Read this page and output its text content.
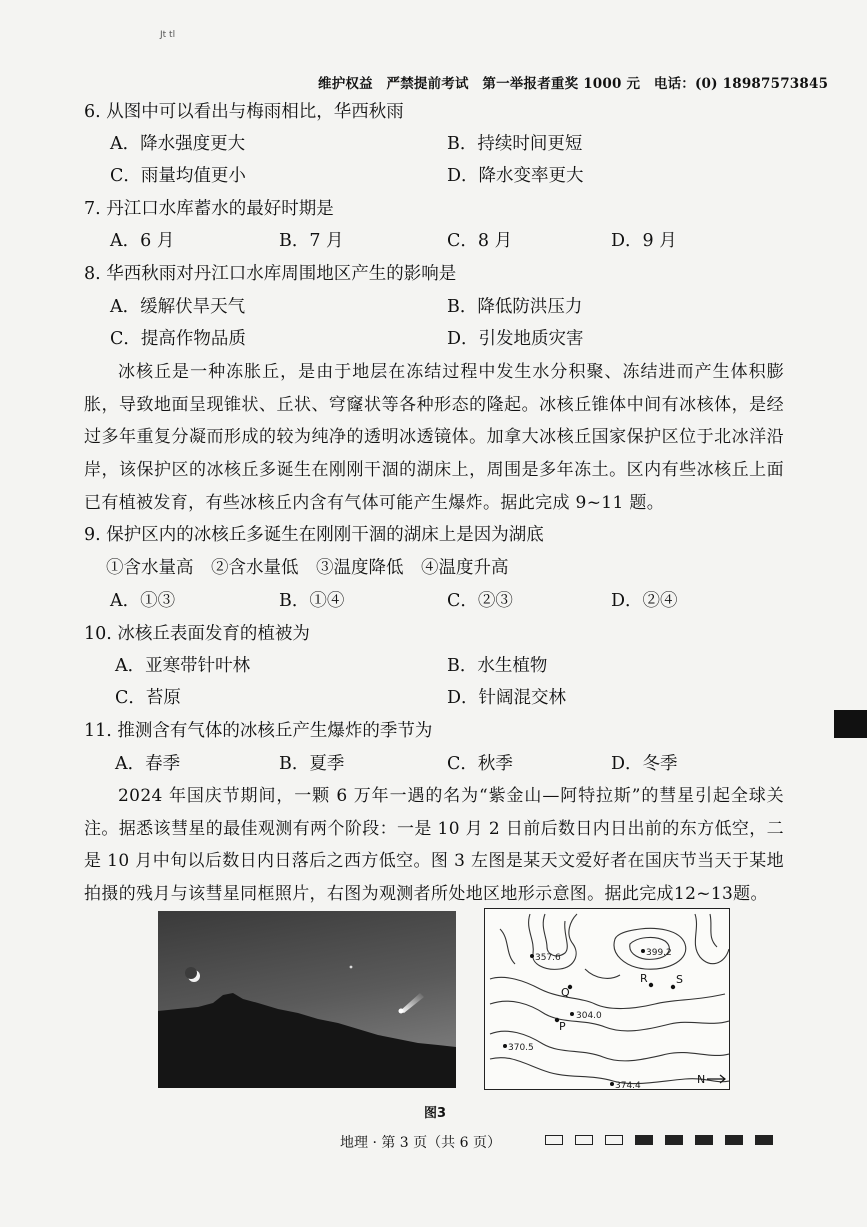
Jt tl
维护权益　严禁提前考试　第一举报者重奖 1000 元　电话：(0) 18987573845
6. 从图中可以看出与梅雨相比，华西秋雨
A．降水强度更大	B．持续时间更短
C．雨量均值更小	D．降水变率更大
7. 丹江口水库蓄水的最好时期是
A．6 月	B．7 月	C．8 月	D．9 月
8. 华西秋雨对丹江口水库周围地区产生的影响是
A．缓解伏旱天气	B．降低防洪压力
C．提高作物品质	D．引发地质灾害

冰核丘是一种冻胀丘，是由于地层在冻结过程中发生水分积聚、冻结进而产生体积膨胀，导致地面呈现锥状、丘状、穹窿状等各种形态的隆起。冰核丘锥体中间有冰核体，是经过多年重复分凝而形成的较为纯净的透明冰透镜体。加拿大冰核丘国家保护区位于北冰洋沿岸，该保护区的冰核丘多诞生在刚刚干涸的湖床上，周围是多年冻土。区内有些冰核丘上面已有植被发育，有些冰核丘内含有气体可能产生爆炸。据此完成 9~11 题。

9. 保护区内的冰核丘多诞生在刚刚干涸的湖床上是因为湖底
①含水量高　②含水量低　③温度降低　④温度升高
A．①③	B．①④	C．②③	D．②④
10. 冰核丘表面发育的植被为
A．亚寒带针叶林	B．水生植物
C．苔原	D．针阔混交林
11. 推测含有气体的冰核丘产生爆炸的季节为
A．春季	B．夏季	C．秋季	D．冬季

2024 年国庆节期间，一颗 6 万年一遇的名为“紫金山—阿特拉斯”的彗星引起全球关注。据悉该彗星的最佳观测有两个阶段：一是 10 月 2 日前后数日内日出前的东方低空，二是 10 月中旬以后数日内日落后之西方低空。图 3 左图是某天文爱好者在国庆节当天于某地拍摄的残月与该彗星同框照片，右图为观测者所处地区地形示意图。据此完成12~13题。

357.6	399.2
304.0
370.5
374.4
Q
R	S
P
N
图3
地理 · 第 3 页（共 6 页）
